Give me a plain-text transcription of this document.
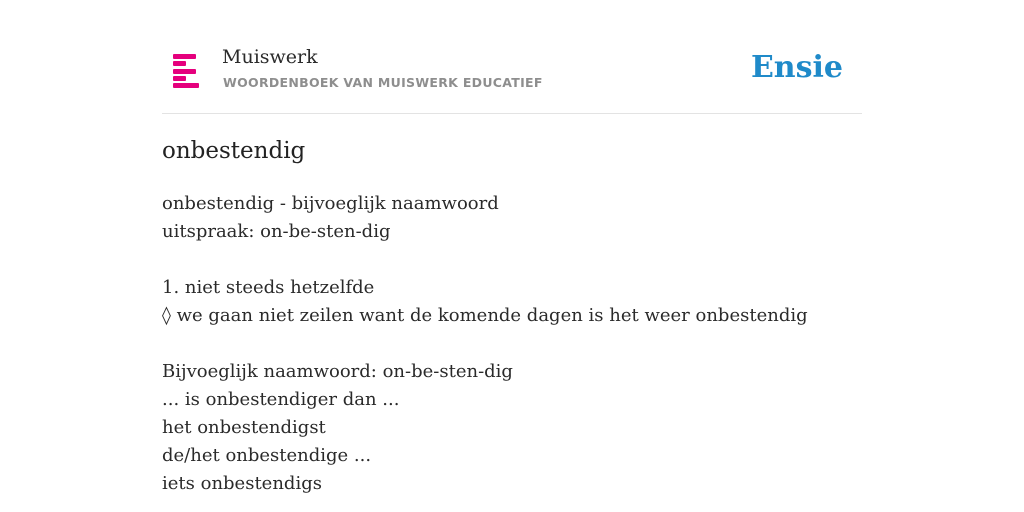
Muiswerk
WOORDENBOEK VAN MUISWERK EDUCATIEF	Ensie
onbestendig
onbestendig - bijvoeglijk naamwoord
uitspraak: on-be-sten-dig
1. niet steeds hetzelfde
◊ we gaan niet zeilen want de komende dagen is het weer onbestendig
Bijvoeglijk naamwoord: on-be-sten-dig
... is onbestendiger dan ...
het onbestendigst
de/het onbestendige ...
iets onbestendigs
